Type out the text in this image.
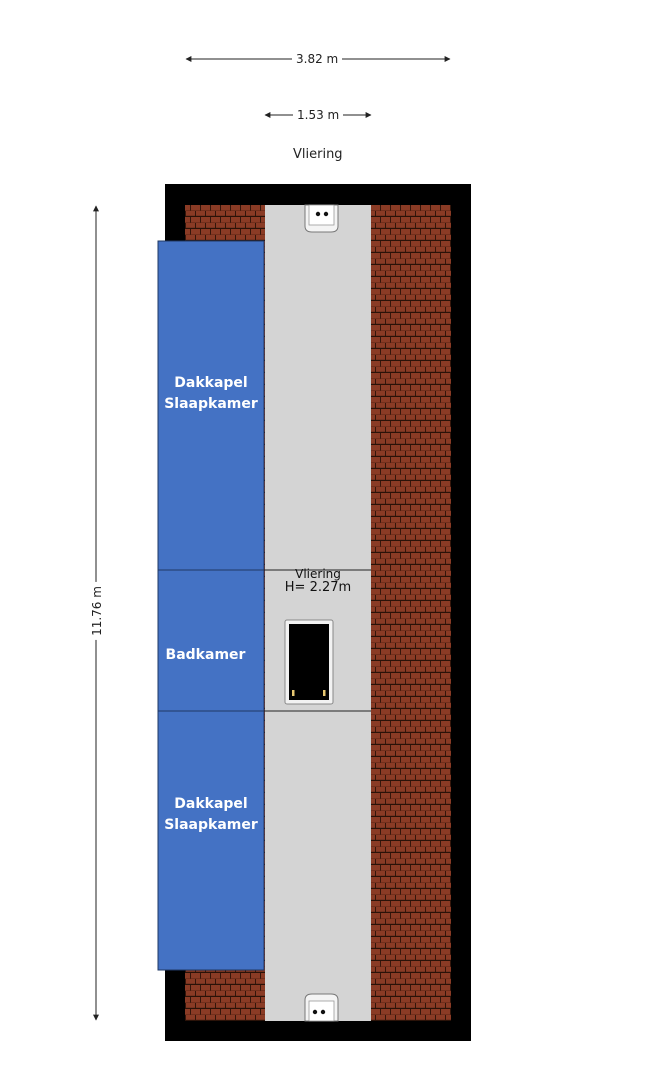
3.82 m
1.53 m
11.76 m
Vliering
Dakkapel
Slaapkamer
Badkamer
Dakkapel
Slaapkamer
Vliering
H= 2.27m
